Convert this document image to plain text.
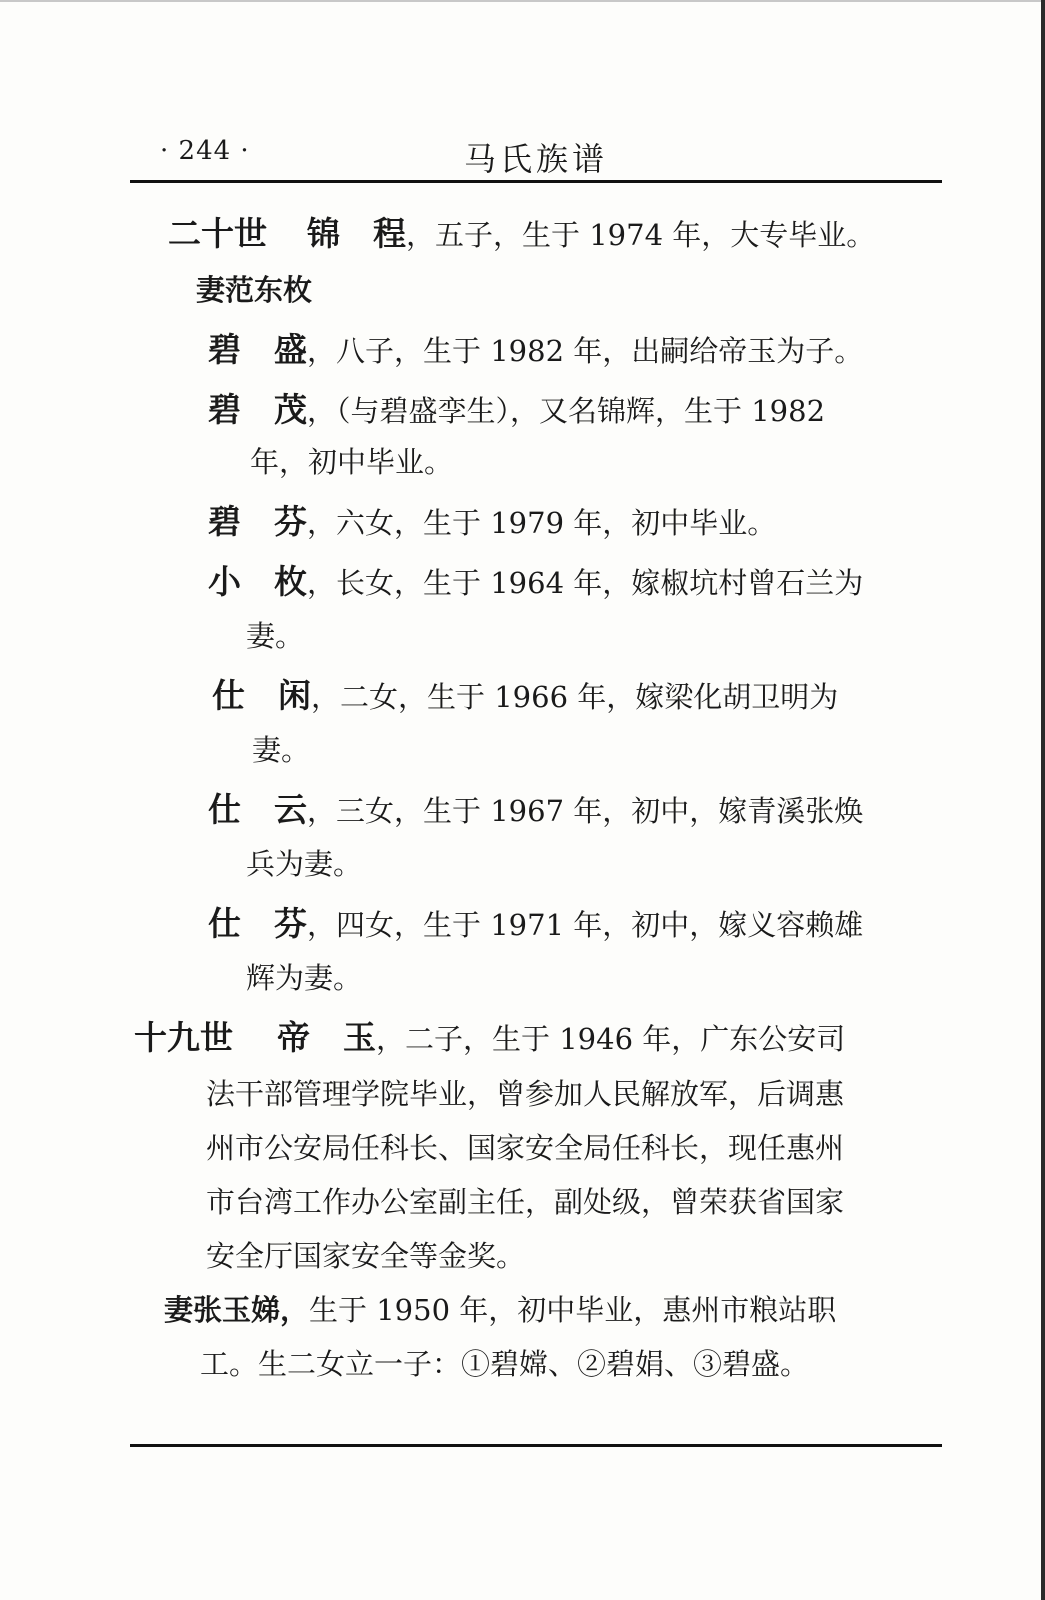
· 244 ·	马氏族谱
二十世 锦　程，五子，生于 1974 年，大专毕业。
妻范东枚
碧　盛，八子，生于 1982 年，出嗣给帝玉为子。
碧　茂，（与碧盛孪生），又名锦辉，生于 1982
年，初中毕业。
碧　芬，六女，生于 1979 年，初中毕业。
小　枚，长女，生于 1964 年，嫁椒坑村曾石兰为
妻。
仕　闲，二女，生于 1966 年，嫁梁化胡卫明为
妻。
仕　云，三女，生于 1967 年，初中，嫁青溪张焕
兵为妻。
仕　芬，四女，生于 1971 年，初中，嫁义容赖雄
辉为妻。
十九世 帝　玉，二子，生于 1946 年，广东公安司
法干部管理学院毕业，曾参加人民解放军，后调惠
州市公安局任科长、国家安全局任科长，现任惠州
市台湾工作办公室副主任，副处级，曾荣获省国家
安全厅国家安全等金奖。
妻张玉娣，生于 1950 年，初中毕业，惠州市粮站职
工。生二女立一子：①碧嫦、②碧娟、③碧盛。
